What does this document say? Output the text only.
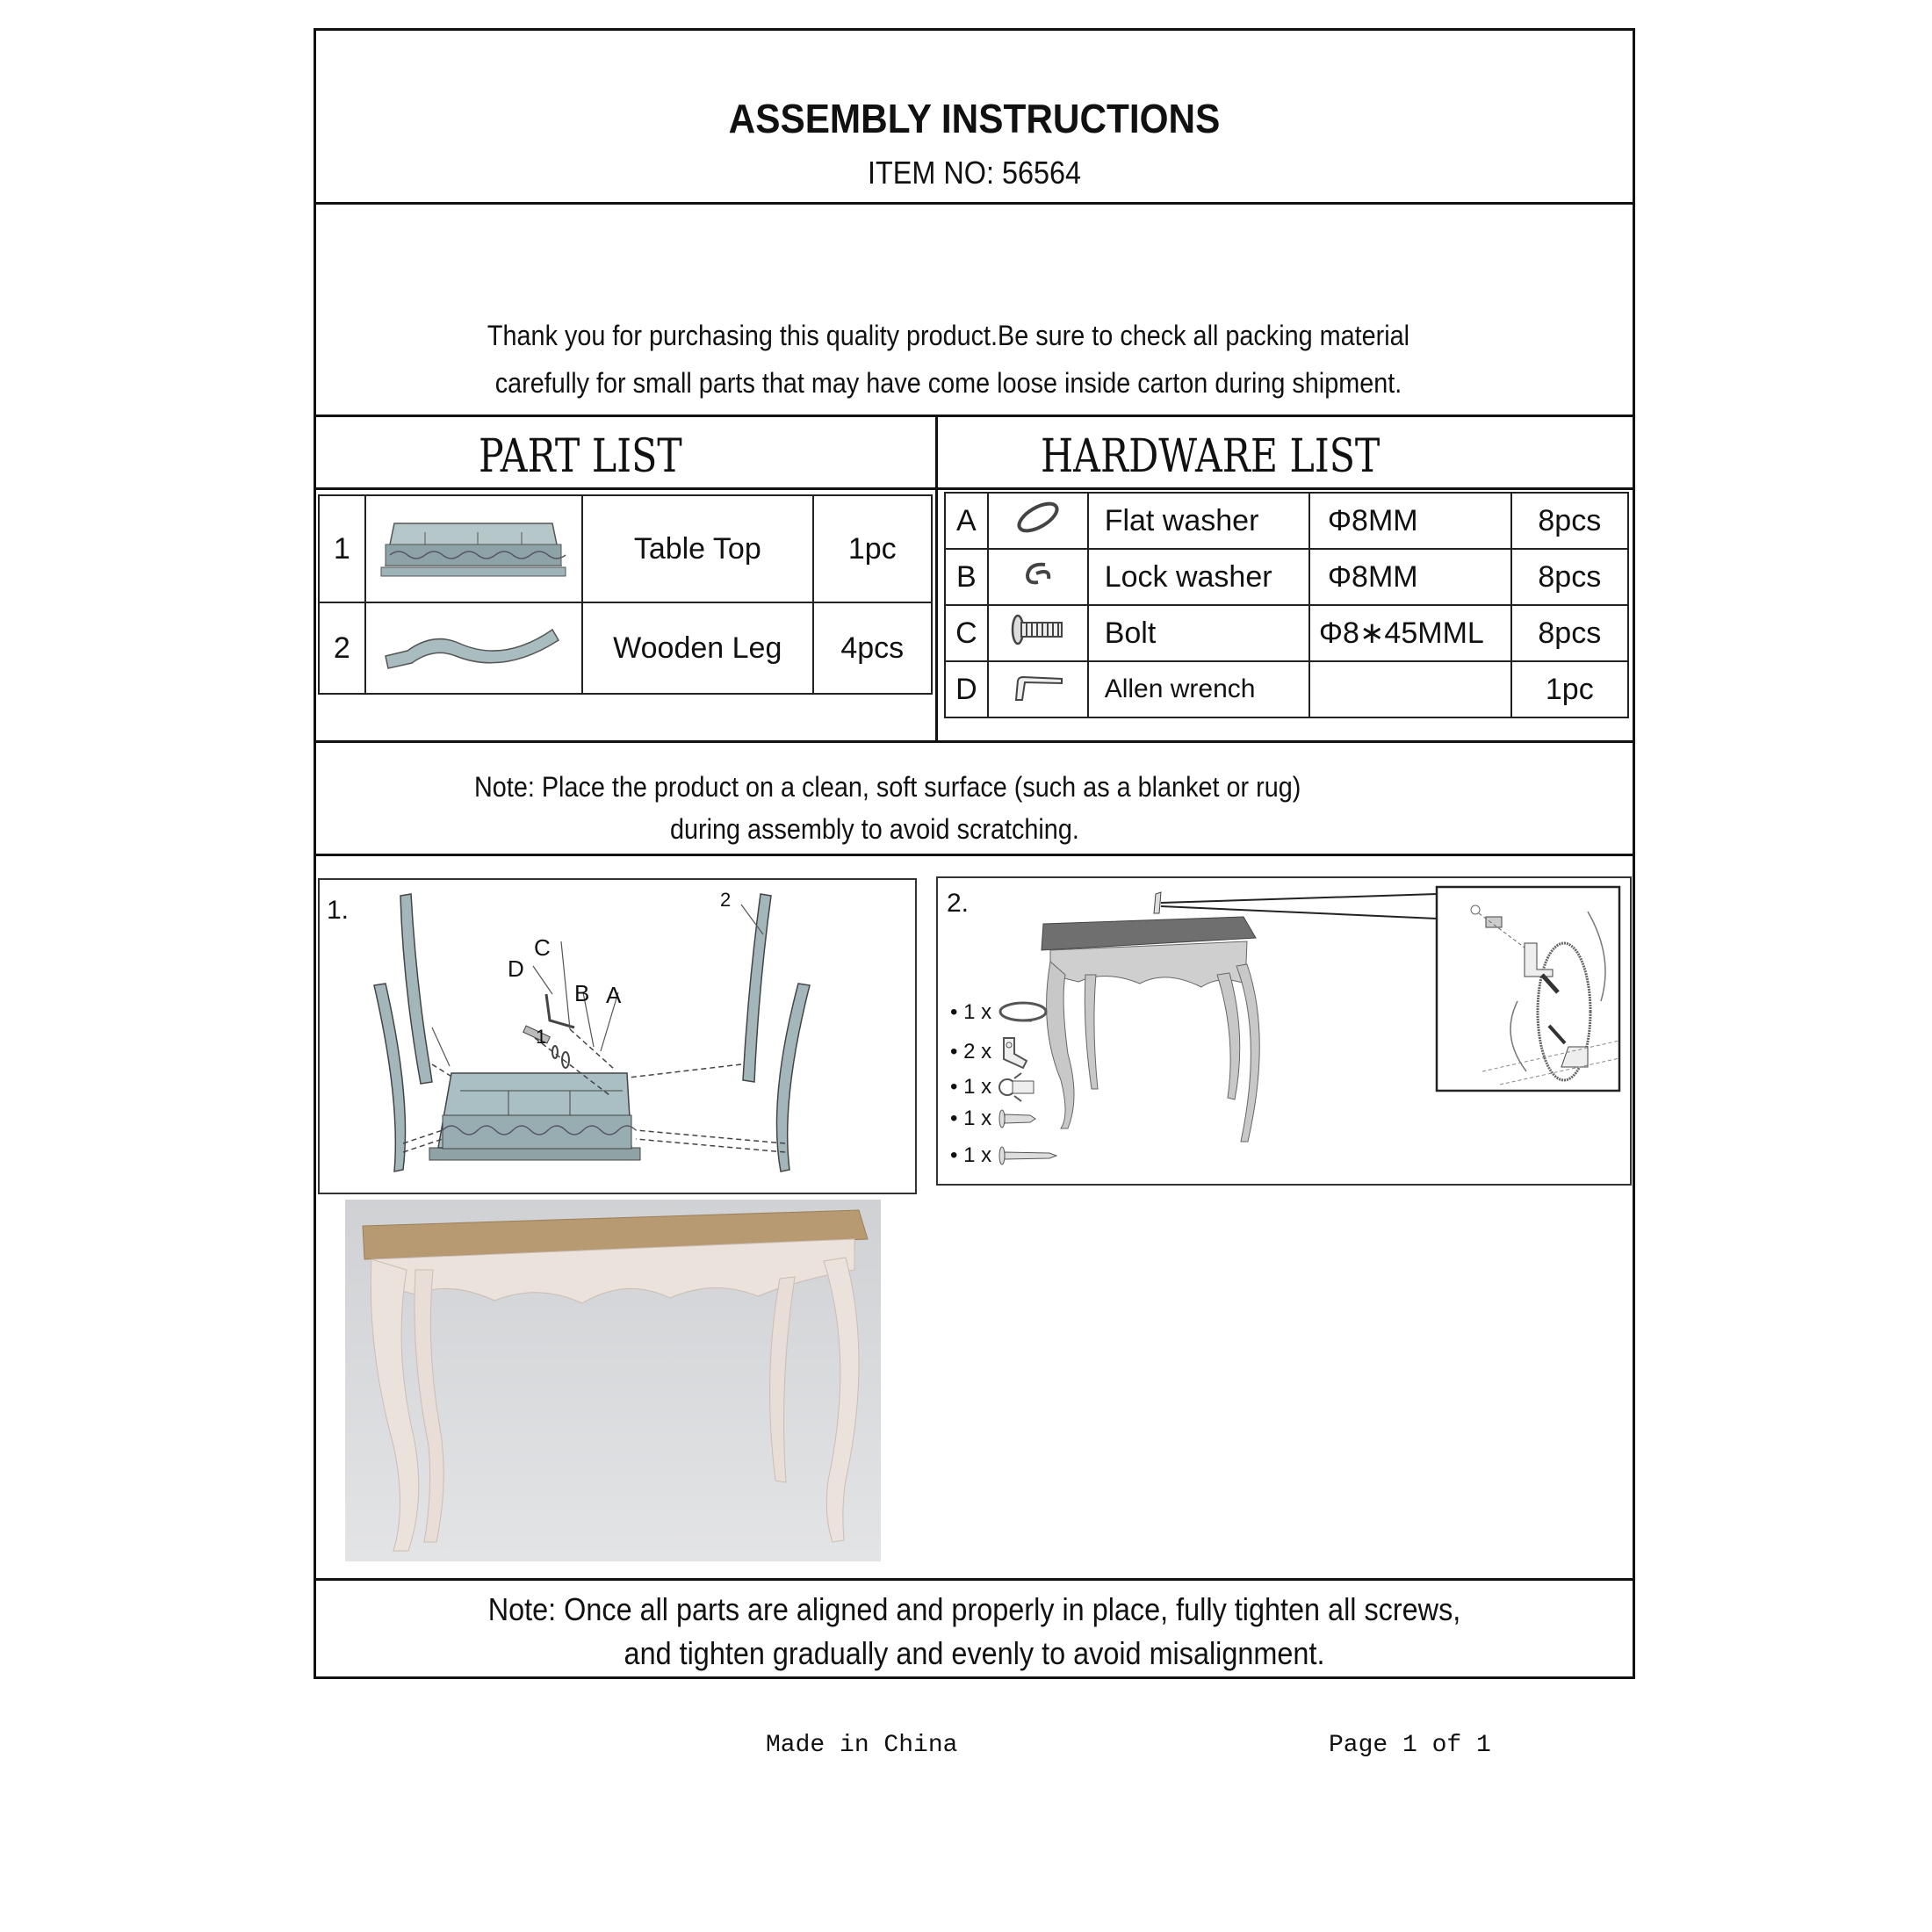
ASSEMBLY INSTRUCTIONS
ITEM NO: 56564
Thank you for purchasing this quality product.Be sure to check all packing material
carefully for small parts that may have come loose inside carton during shipment.
PART LIST	HARDWARE LIST
1		Table Top	1pc
2		Wooden Leg	4pcs
A		Flat washer	Φ8MM	8pcs
B		Lock washer	Φ8MM	8pcs
C		Bolt	Φ8∗45MML	8pcs
D		Allen wrench		1pc
Note: Place the product on a clean, soft surface (such as a blanket or rug)
during assembly to avoid scratching.
1.
C
D
B A
1
2	2.
• 1 x
• 2 x
• 1 x
• 1 x
• 1 x
Note: Once all parts are aligned and properly in place, fully tighten all screws,
and tighten gradually and evenly to avoid misalignment.
Made in China	Page 1 of 1
